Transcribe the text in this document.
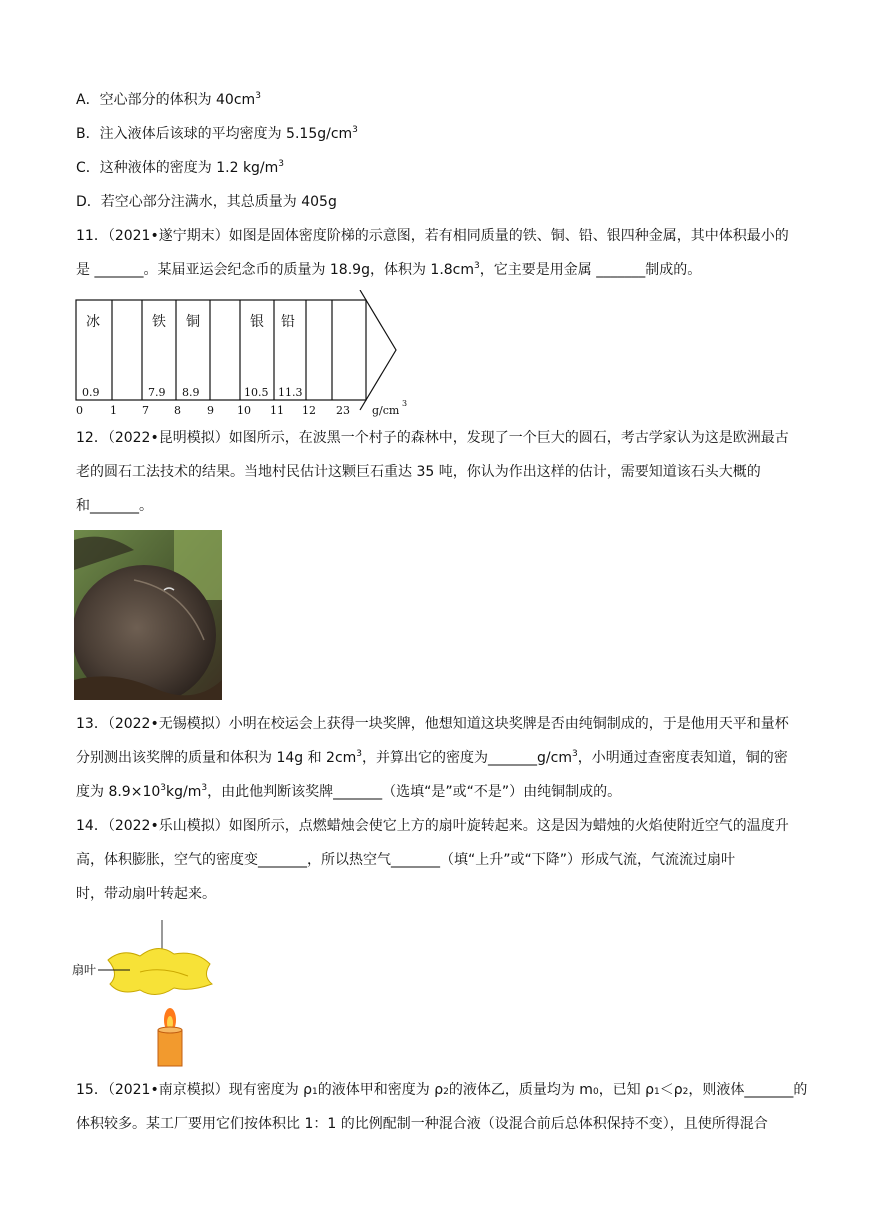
A．空心部分的体积为 $40cm^3$
B．注入液体后该球的平均密度为 $5.15g/cm^3$
C．这种液体的密度为 1.2 $kg/m^3$
D．若空心部分注满水，其总质量为 405g
11．（2021•遂宁期末）如图是固体密度阶梯的示意图，若有相同质量的铁、铜、铅、银四种金属，其中体积最小的
是 _______。某届亚运会纪念币的质量为 18.9g，体积为 $1.8cm^3$，它主要是用金属 _______制成的。
冰	铁 铜	银 铅
0.9	7.9 8.9	10.5 11.3
0 1 7 8 9 10 11 12 23 g/cm
3
12．（2022•昆明模拟）如图所示，在波黑一个村子的森林中，发现了一个巨大的圆石，考古学家认为这是欧洲最古
老的圆石工法技术的结果。当地村民估计这颗巨石重达 35 吨，你认为作出这样的估计，需要知道该石头大概的
和_______。
13．（2022•无锡模拟）小明在校运会上获得一块奖牌，他想知道这块奖牌是否由纯铜制成的，于是他用天平和量杯
分别测出该奖牌的质量和体积为 14g 和 $2cm^3$，并算出它的密度为$\_\_\_\_\_\_\_g/cm^3$，小明通过查密度表知道，铜的密
度为 $8.9\times 10^3kg/m^3$，由此他判断该奖牌_______（选填“是”或“不是”）由纯铜制成的。
14．（2022•乐山模拟）如图所示，点燃蜡烛会使它上方的扇叶旋转起来。这是因为蜡烛的火焰使附近空气的温度升
高，体积膨胀，空气的密度变_______，所以热空气_______（填“上升”或“下降”）形成气流，气流流过扇叶
时，带动扇叶转起来。
扇叶
15．（2021•南京模拟）现有密度为 $\rho_1$的液体甲和密度为 $\rho_2$的液体乙，质量均为 $m_0$，已知 $\rho_1<\rho_2$，则液体_______的
体积较多。某工厂要用它们按体积比 1：1 的比例配制一种混合液（设混合前后总体积保持不变），且使所得混合
